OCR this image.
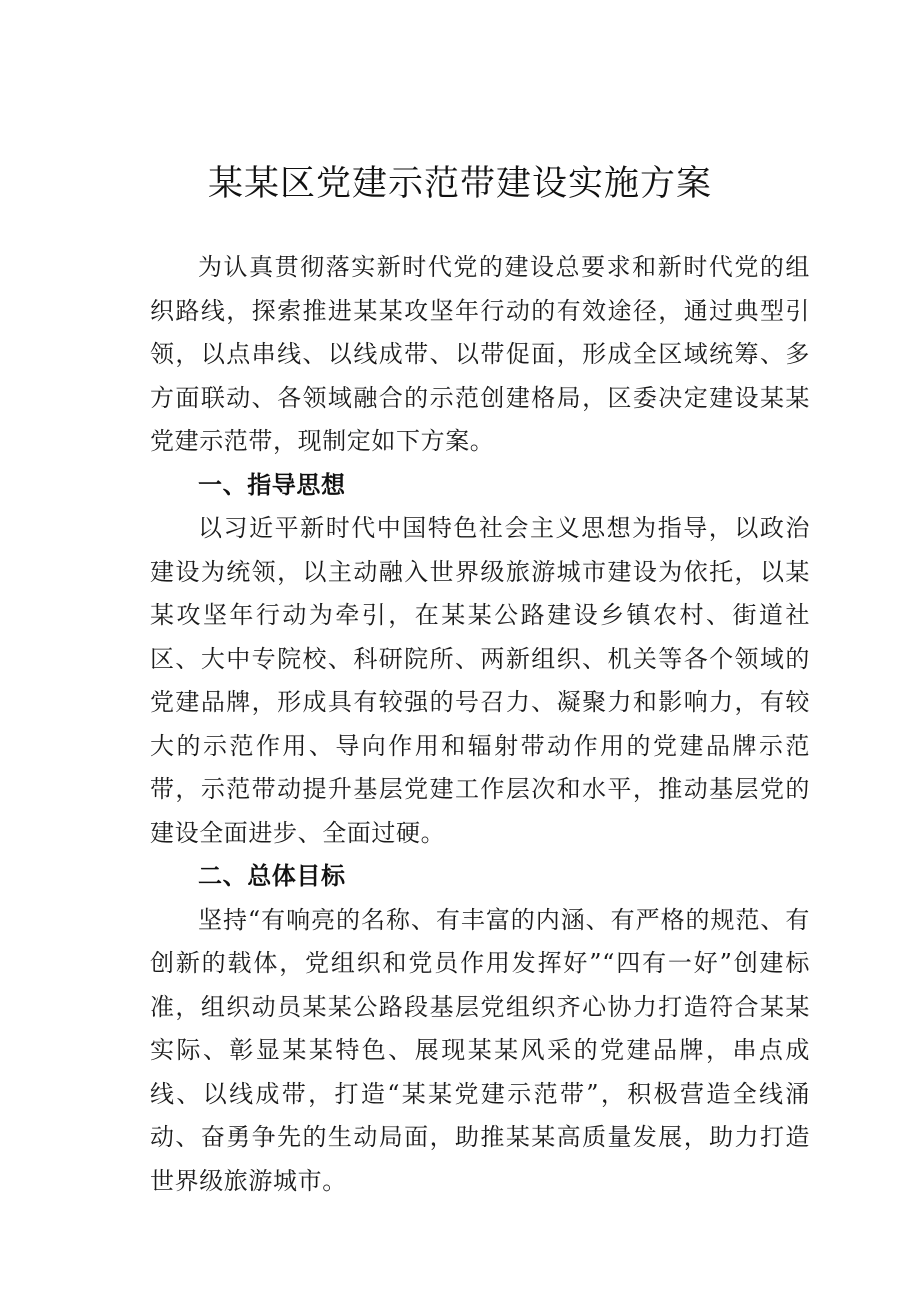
某某区党建示范带建设实施方案

为认真贯彻落实新时代党的建设总要求和新时代党的组织路线，探索推进某某攻坚年行动的有效途径，通过典型引领，以点串线、以线成带、以带促面，形成全区域统筹、多方面联动、各领域融合的示范创建格局，区委决定建设某某党建示范带，现制定如下方案。

一、指导思想

以习近平新时代中国特色社会主义思想为指导，以政治建设为统领，以主动融入世界级旅游城市建设为依托，以某某攻坚年行动为牵引，在某某公路建设乡镇农村、街道社区、大中专院校、科研院所、两新组织、机关等各个领域的党建品牌，形成具有较强的号召力、凝聚力和影响力，有较大的示范作用、导向作用和辐射带动作用的党建品牌示范带，示范带动提升基层党建工作层次和水平，推动基层党的建设全面进步、全面过硬。

二、总体目标

坚持“有响亮的名称、有丰富的内涵、有严格的规范、有创新的载体，党组织和党员作用发挥好”“四有一好”创建标准，组织动员某某公路段基层党组织齐心协力打造符合某某实际、彰显某某特色、展现某某风采的党建品牌，串点成线、以线成带，打造“某某党建示范带”，积极营造全线涌动、奋勇争先的生动局面，助推某某高质量发展，助力打造世界级旅游城市。
